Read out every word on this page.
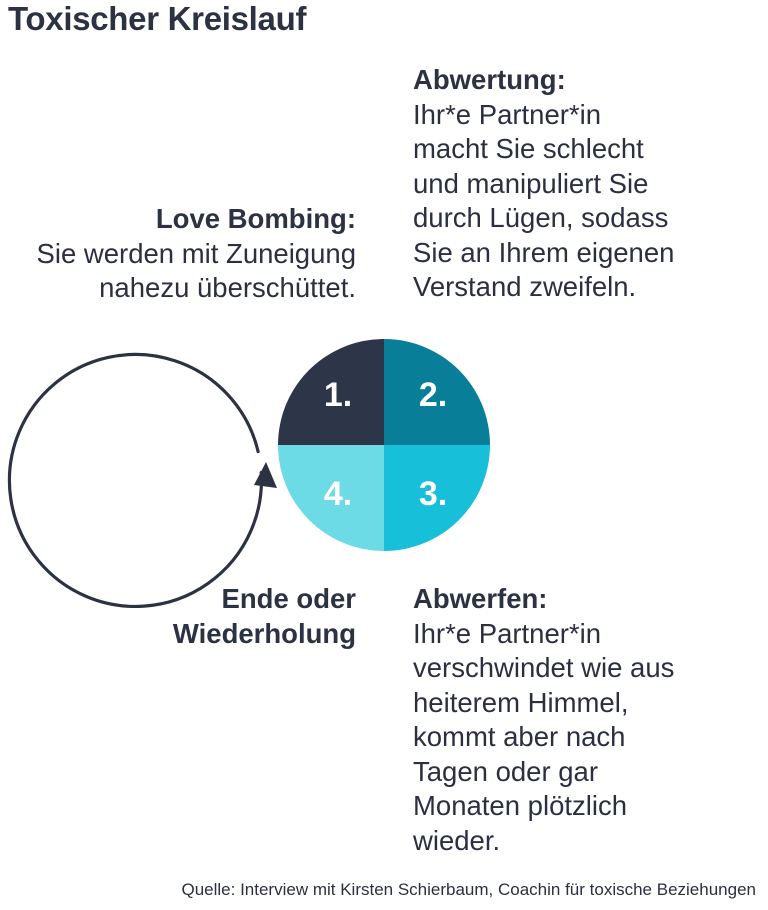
Toxischer Kreislauf
Abwertung:
Ihr*e Partner*in
macht Sie schlecht
und manipuliert Sie
durch Lügen, sodass
Sie an Ihrem eigenen
Verstand zweifeln.
Love Bombing:
Sie werden mit Zuneigung
nahezu überschüttet.
1. 2.
3.
4.
Ende oder
Wiederholung
Abwerfen:
Ihr*e Partner*in
verschwindet wie aus
heiterem Himmel,
kommt aber nach
Tagen oder gar
Monaten plötzlich
wieder.
Quelle: Interview mit Kirsten Schierbaum, Coachin für toxische Beziehungen
